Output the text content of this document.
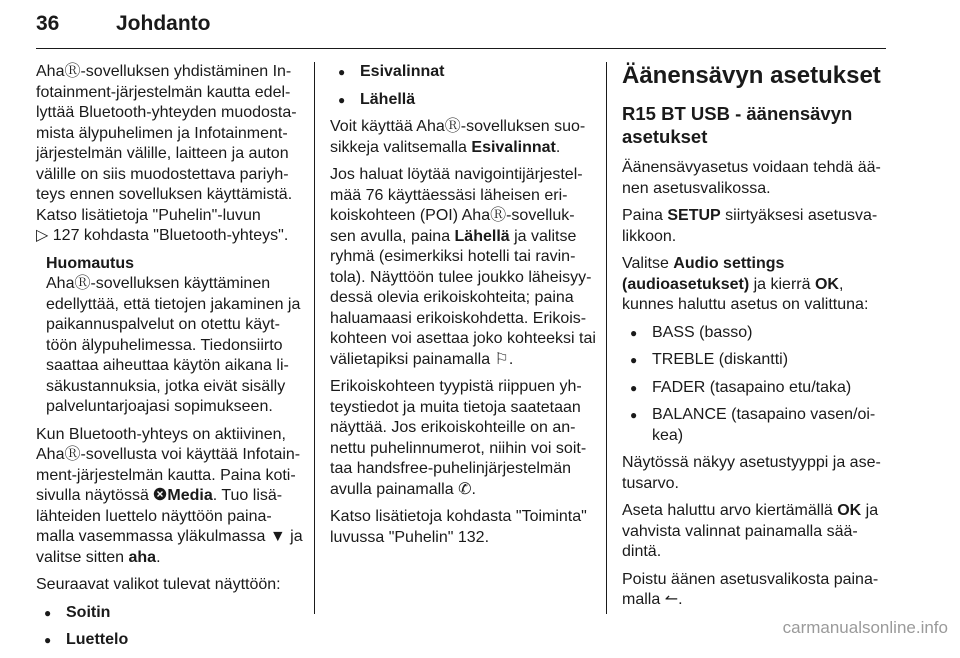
36	Johdanto

AhaⓇ-sovelluksen yhdistäminen In-
fotainment-järjestelmän kautta edel-
lyttää Bluetooth-yhteyden muodosta-
mista älypuhelimen ja Infotainment-
järjestelmän välille, laitteen ja auton
välille on siis muodostettava pariyh-
teys ennen sovelluksen käyttämistä.
Katso lisätietoja "Puhelin"-luvun
▷ 127 kohdasta "Bluetooth-yhteys".

Huomautus
AhaⓇ-sovelluksen käyttäminen
edellyttää, että tietojen jakaminen ja
paikannuspalvelut on otettu käyt-
töön älypuhelimessa. Tiedonsiirto
saattaa aiheuttaa käytön aikana li-
säkustannuksia, jotka eivät sisälly
palveluntarjoajasi sopimukseen.

Kun Bluetooth-yhteys on aktiivinen,
AhaⓇ-sovellusta voi käyttää Infotain-
ment-järjestelmän kautta. Paina koti-
sivulla näytössä Media. Tuo lisä-
lähteiden luettelo näyttöön paina-
malla vasemmassa yläkulmassa ▼ ja
valitse sitten aha.

Seuraavat valikot tulevat näyttöön:

● Soitin
● Luettelo
● Esivalinnat
● Lähellä

Voit käyttää AhaⓇ-sovelluksen suo-
sikkeja valitsemalla Esivalinnat.

Jos haluat löytää navigointijärjestel-
mää 76 käyttäessäsi läheisen eri-
koiskohteen (POI) AhaⓇ-sovelluk-
sen avulla, paina Lähellä ja valitse
ryhmä (esimerkiksi hotelli tai ravin-
tola). Näyttöön tulee joukko läheisyy-
dessä olevia erikoiskohteita; paina
haluamaasi erikoiskohdetta. Erikois-
kohteen voi asettaa joko kohteeksi tai
välietapiksi painamalla ⚐.

Erikoiskohteen tyypistä riippuen yh-
teystiedot ja muita tietoja saatetaan
näyttää. Jos erikoiskohteille on an-
nettu puhelinnumerot, niihin voi soit-
taa handsfree-puhelinjärjestelmän
avulla painamalla ✆.

Katso lisätietoja kohdasta "Toiminta"
luvussa "Puhelin" 132.

Äänensävyn asetukset
R15 BT USB - äänensävyn asetukset

Äänensävyasetus voidaan tehdä ää-nen asetusvalikossa.

Paina SETUP siirtyäksesi asetusva-likkoon.

Valitse Audio settings (audioasetukset) ja kierrä OK, kunnes haluttu asetus on valittuna:

● BASS (basso)
● TREBLE (diskantti)
● FADER (tasapaino etu/taka)
● BALANCE (tasapaino vasen/oi-kea)

Näytössä näkyy asetustyyppi ja ase-tusarvo.

Aseta haluttu arvo kiertämällä OK ja vahvista valinnat painamalla sää-dintä.

Poistu äänen asetusvalikosta paina-malla ↼.

carmanualsonline.info
